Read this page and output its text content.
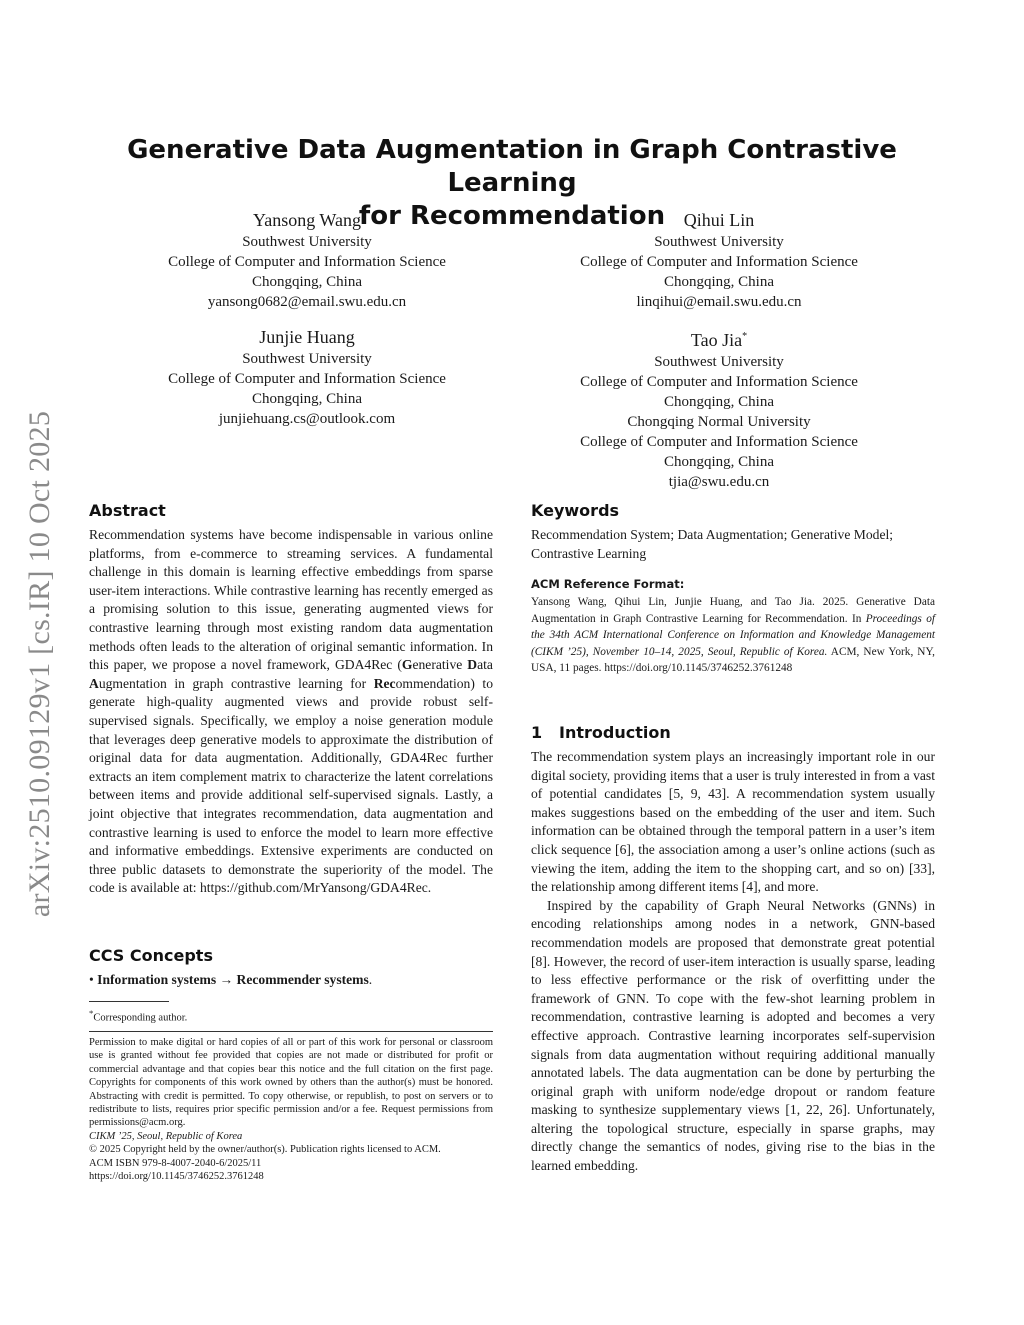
arXiv:2510.09129v1 [cs.IR] 10 Oct 2025
Generative Data Augmentation in Graph Contrastive Learning
for Recommendation
Yansong Wang
Southwest University
College of Computer and Information Science
Chongqing, China
yansong0682@email.swu.edu.cn
Qihui Lin
Southwest University
College of Computer and Information Science
Chongqing, China
linqihui@email.swu.edu.cn
Junjie Huang
Southwest University
College of Computer and Information Science
Chongqing, China
junjiehuang.cs@outlook.com
Tao Jia*
Southwest University
College of Computer and Information Science
Chongqing, China
Chongqing Normal University
College of Computer and Information Science
Chongqing, China
tjia@swu.edu.cn
Abstract

Recommendation systems have become indispensable in various online platforms, from e-commerce to streaming services. A fundamental challenge in this domain is learning effective embeddings from sparse user-item interactions. While contrastive learning has recently emerged as a promising solution to this issue, generating augmented views for contrastive learning through most existing random data augmentation methods often leads to the alteration of original semantic information. In this paper, we propose a novel framework, GDA4Rec (Generative Data Augmentation in graph contrastive learning for Recommendation) to generate high-quality augmented views and provide robust self-supervised signals. Specifically, we employ a noise generation module that leverages deep generative models to approximate the distribution of original data for data augmentation. Additionally, GDA4Rec further extracts an item complement matrix to characterize the latent correlations between items and provide additional self-supervised signals. Lastly, a joint objective that integrates recommendation, data augmentation and contrastive learning is used to enforce the model to learn more effective and informative embeddings. Extensive experiments are conducted on three public datasets to demonstrate the superiority of the model. The code is available at: https://github.com/MrYansong/GDA4Rec.

CCS Concepts
• Information systems → Recommender systems.
*Corresponding author.

Permission to make digital or hard copies of all or part of this work for personal or classroom use is granted without fee provided that copies are not made or distributed for profit or commercial advantage and that copies bear this notice and the full citation on the first page. Copyrights for components of this work owned by others than the author(s) must be honored. Abstracting with credit is permitted. To copy otherwise, or republish, to post on servers or to redistribute to lists, requires prior specific permission and/or a fee. Request permissions from permissions@acm.org.

CIKM ’25, Seoul, Republic of Korea
© 2025 Copyright held by the owner/author(s). Publication rights licensed to ACM.
ACM ISBN 979-8-4007-2040-6/2025/11
https://doi.org/10.1145/3746252.3761248
Keywords

Recommendation System; Data Augmentation; Generative Model; Contrastive Learning

ACM Reference Format:

Yansong Wang, Qihui Lin, Junjie Huang, and Tao Jia. 2025. Generative Data Augmentation in Graph Contrastive Learning for Recommendation. In Proceedings of the 34th ACM International Conference on Information and Knowledge Management (CIKM ’25), November 10–14, 2025, Seoul, Republic of Korea. ACM, New York, NY, USA, 11 pages. https://doi.org/10.1145/3746252.3761248

1 Introduction

The recommendation system plays an increasingly important role in our digital society, providing items that a user is truly interested in from a vast of potential candidates [5, 9, 43]. A recommendation system usually makes suggestions based on the embedding of the user and item. Such information can be obtained through the temporal pattern in a user’s item click sequence [6], the association among a user’s online actions (such as viewing the item, adding the item to the shopping cart, and so on) [33], the relationship among different items [4], and more.

Inspired by the capability of Graph Neural Networks (GNNs) in encoding relationships among nodes in a network, GNN-based recommendation models are proposed that demonstrate great potential [8]. However, the record of user-item interaction is usually sparse, leading to less effective performance or the risk of overfitting under the framework of GNN. To cope with the few-shot learning problem in recommendation, contrastive learning is adopted and becomes a very effective approach. Contrastive learning incorporates self-supervision signals from data augmentation without requiring additional manually annotated labels. The data augmentation can be done by perturbing the original graph with uniform node/edge dropout or random feature masking to synthesize supplementary views [1, 22, 26]. Unfortunately, altering the topological structure, especially in sparse graphs, may directly change the semantics of nodes, giving rise to the bias in the learned embedding.
